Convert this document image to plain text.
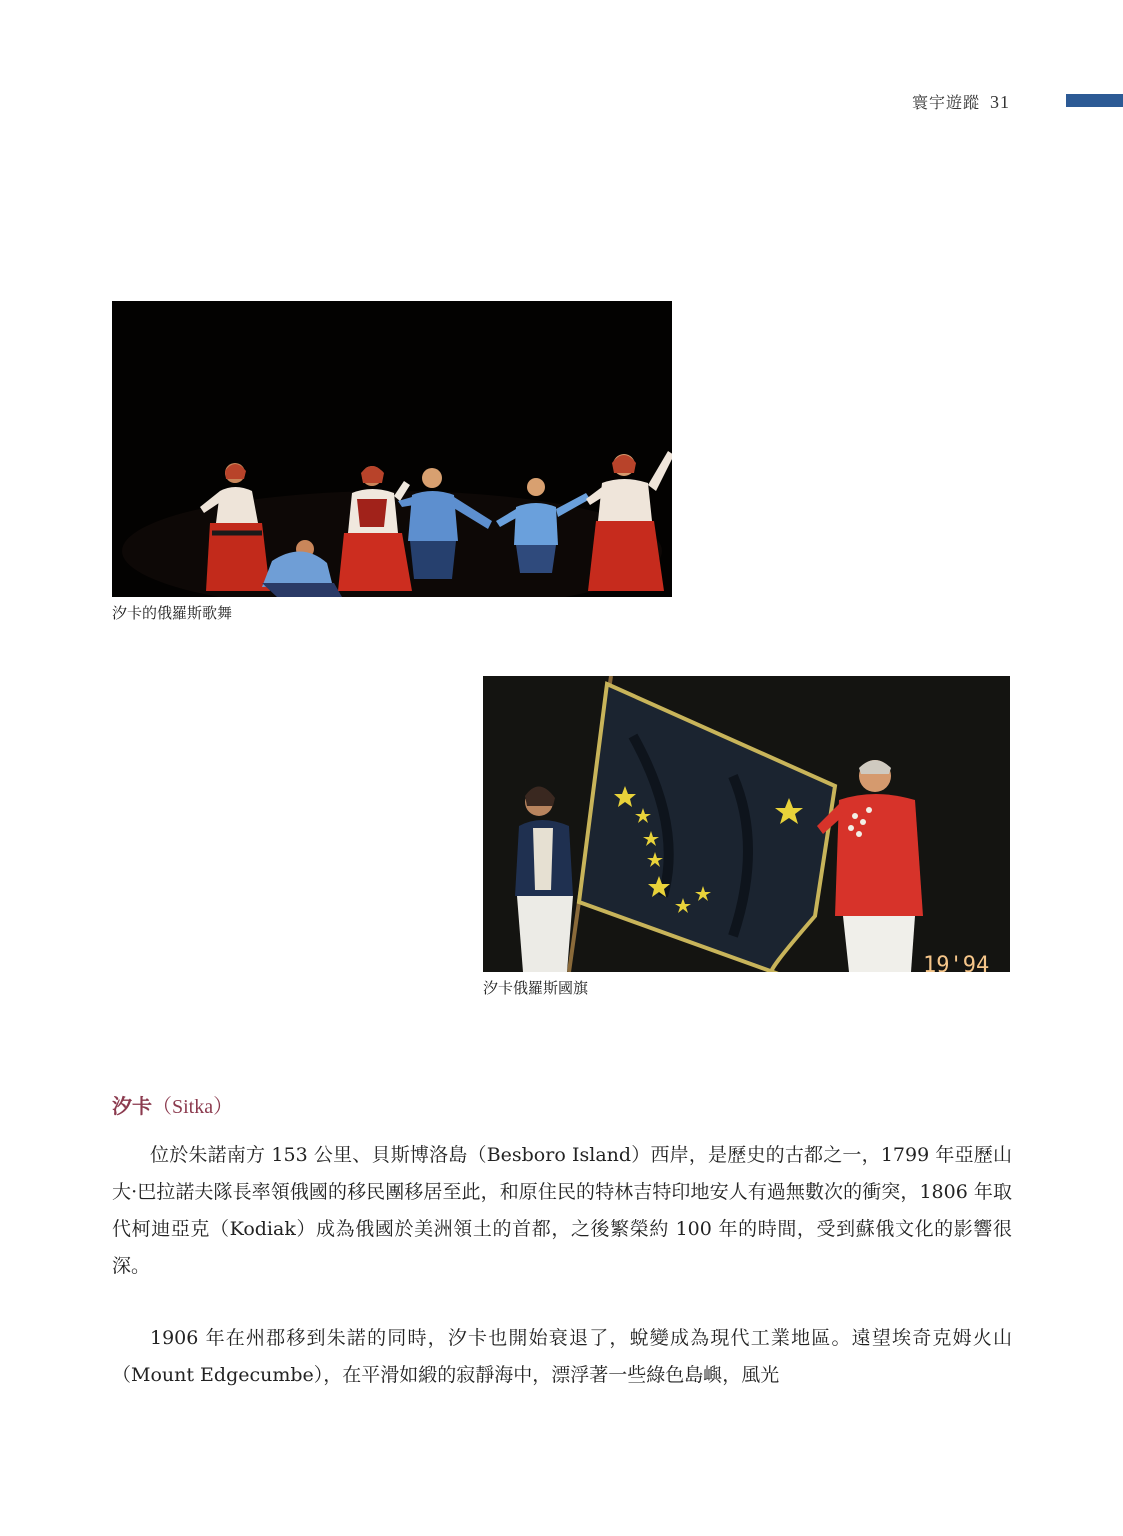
寰宇遊蹤 31
汐卡的俄羅斯歌舞
19'94
汐卡俄羅斯國旗
汐卡（Sitka）

位於朱諾南方 153 公里、貝斯博洛島（Besboro Island）西岸，是歷史的古都之一，1799 年亞歷山大·巴拉諾夫隊長率領俄國的移民團移居至此，和原住民的特林吉特印地安人有過無數次的衝突，1806 年取代柯迪亞克（Kodiak）成為俄國於美洲領土的首都，之後繁榮約 100 年的時間，受到蘇俄文化的影響很深。

1906 年在州郡移到朱諾的同時，汐卡也開始衰退了，蛻變成為現代工業地區。遠望埃奇克姆火山（Mount Edgecumbe），在平滑如緞的寂靜海中，漂浮著一些綠色島嶼，風光
